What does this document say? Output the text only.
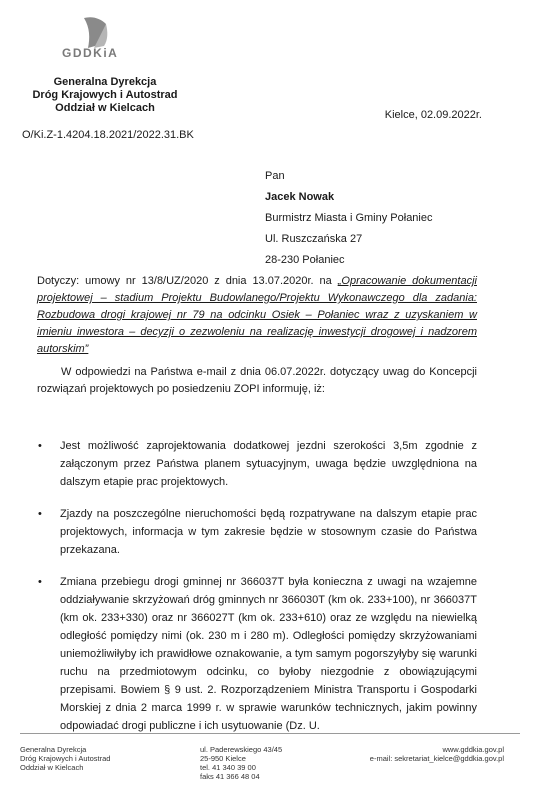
GDDKiA
Generalna Dyrekcja
Dróg Krajowych i Autostrad
Oddział w Kielcach
Kielce, 02.09.2022r.
O/Ki.Z-1.4204.18.2021/2022.31.BK
Pan
Jacek Nowak
Burmistrz Miasta i Gminy Połaniec
Ul. Ruszczańska 27
28-230 Połaniec
Dotyczy: umowy nr 13/8/UZ/2020 z dnia 13.07.2020r. na „Opracowanie dokumentacji projektowej – stadium Projektu Budowlanego/Projektu Wykonawczego dla zadania: Rozbudowa drogi krajowej nr 79 na odcinku Osiek – Połaniec wraz z uzyskaniem w imieniu inwestora – decyzji o zezwoleniu na realizację inwestycji drogowej i nadzorem autorskim”
W odpowiedzi na Państwa e-mail z dnia 06.07.2022r. dotyczący uwag do Koncepcji rozwiązań projektowych po posiedzeniu ZOPI informuję, iż:
• Jest możliwość zaprojektowania dodatkowej jezdni szerokości 3,5m zgodnie z załączonym przez Państwa planem sytuacyjnym, uwaga będzie uwzględniona na dalszym etapie prac projektowych.
• Zjazdy na poszczególne nieruchomości będą rozpatrywane na dalszym etapie prac projektowych, informacja w tym zakresie będzie w stosownym czasie do Państwa przekazana.
• Zmiana przebiegu drogi gminnej nr 366037T była konieczna z uwagi na wzajemne oddziaływanie skrzyżowań dróg gminnych nr 366030T (km ok. 233+100), nr 366037T (km ok. 233+330) oraz nr 366027T (km ok. 233+610) oraz ze względu na niewielką odległość pomiędzy nimi (ok. 230 m i 280 m). Odległości pomiędzy skrzyżowaniami uniemożliwiłyby ich prawidłowe oznakowanie, a tym samym pogorszyłyby się warunki ruchu na przedmiotowym odcinku, co byłoby niezgodnie z obowiązującymi przepisami. Bowiem § 9 ust. 2. Rozporządzeniem Ministra Transportu i Gospodarki Morskiej z dnia 2 marca 1999 r. w sprawie warunków technicznych, jakim powinny odpowiadać drogi publiczne i ich usytuowanie (Dz. U.
Generalna Dyrekcja
Dróg Krajowych i Autostrad
Oddział w Kielcach
ul. Paderewskiego 43/45
25-950 Kielce
tel. 41 340 39 00
faks 41 366 48 04
www.gddkia.gov.pl
e-mail: sekretariat_kielce@gddkia.gov.pl
